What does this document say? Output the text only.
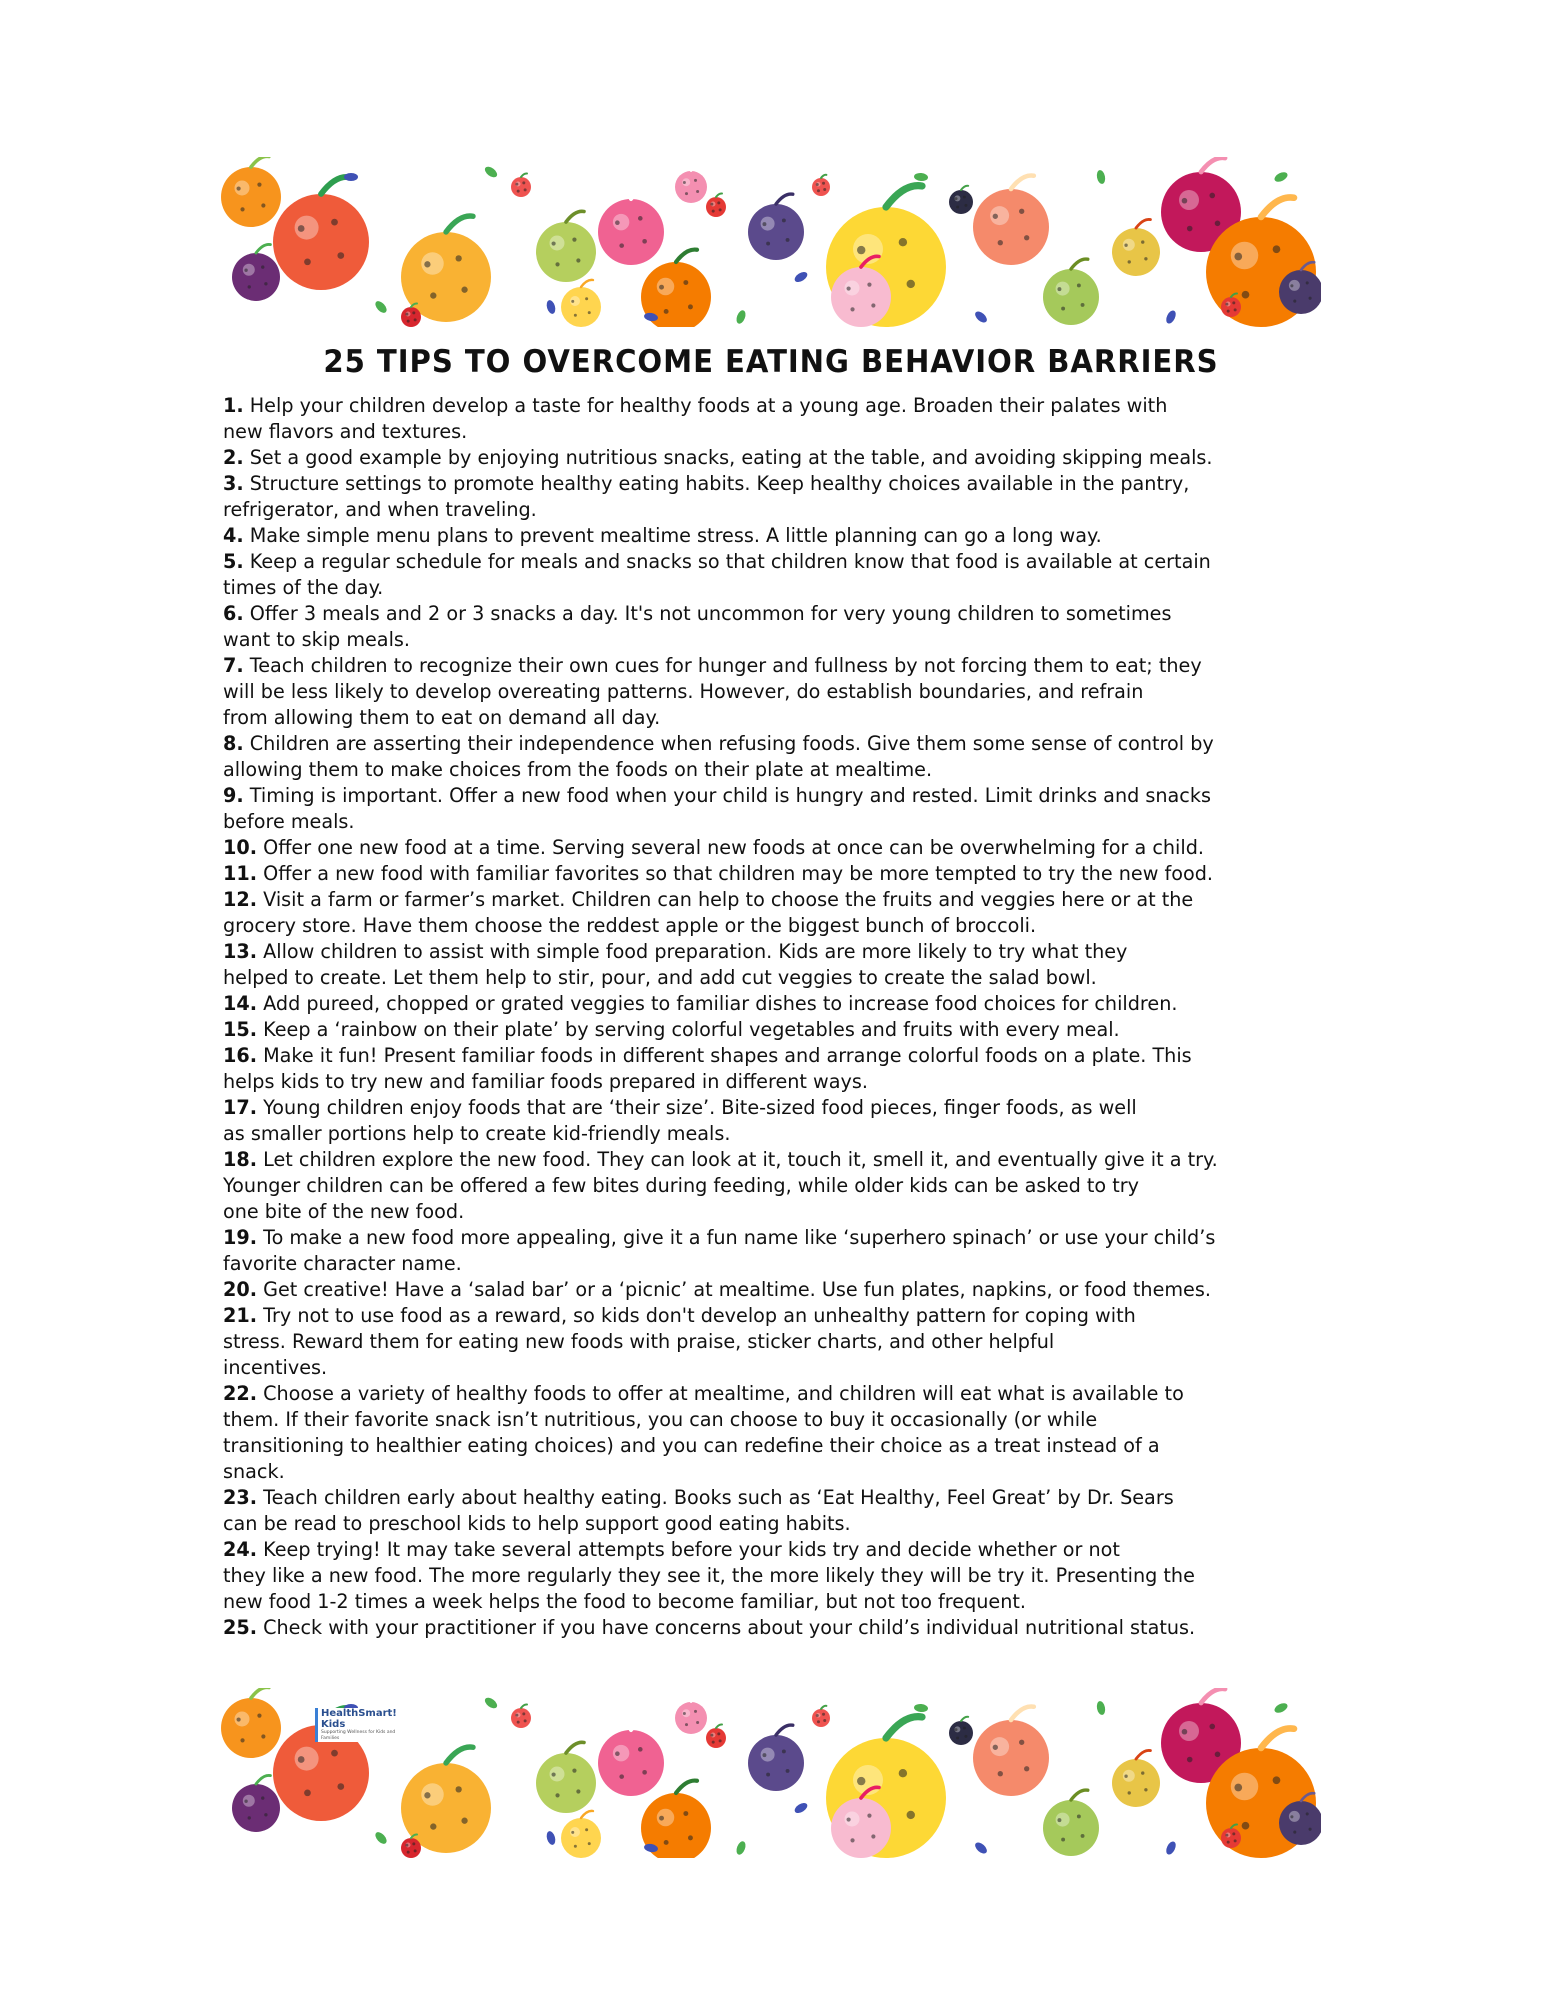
25 TIPS TO OVERCOME EATING BEHAVIOR BARRIERS
1. Help your children develop a taste for healthy foods at a young age. Broaden their palates with
new flavors and textures.
2. Set a good example by enjoying nutritious snacks, eating at the table, and avoiding skipping meals.
3. Structure settings to promote healthy eating habits. Keep healthy choices available in the pantry,
refrigerator, and when traveling.
4. Make simple menu plans to prevent mealtime stress. A little planning can go a long way.
5. Keep a regular schedule for meals and snacks so that children know that food is available at certain
times of the day.
6. Offer 3 meals and 2 or 3 snacks a day. It's not uncommon for very young children to sometimes
want to skip meals.
7. Teach children to recognize their own cues for hunger and fullness by not forcing them to eat; they
will be less likely to develop overeating patterns. However, do establish boundaries, and refrain
from allowing them to eat on demand all day.
8. Children are asserting their independence when refusing foods. Give them some sense of control by
allowing them to make choices from the foods on their plate at mealtime.
9. Timing is important. Offer a new food when your child is hungry and rested. Limit drinks and snacks
before meals.
10. Offer one new food at a time. Serving several new foods at once can be overwhelming for a child.
11. Offer a new food with familiar favorites so that children may be more tempted to try the new food.
12. Visit a farm or farmer’s market. Children can help to choose the fruits and veggies here or at the
grocery store. Have them choose the reddest apple or the biggest bunch of broccoli.
13. Allow children to assist with simple food preparation. Kids are more likely to try what they
helped to create. Let them help to stir, pour, and add cut veggies to create the salad bowl.
14. Add pureed, chopped or grated veggies to familiar dishes to increase food choices for children.
15. Keep a ‘rainbow on their plate’ by serving colorful vegetables and fruits with every meal.
16. Make it fun! Present familiar foods in different shapes and arrange colorful foods on a plate. This
helps kids to try new and familiar foods prepared in different ways.
17. Young children enjoy foods that are ‘their size’. Bite-sized food pieces, finger foods, as well
as smaller portions help to create kid-friendly meals.
18. Let children explore the new food. They can look at it, touch it, smell it, and eventually give it a try.
Younger children can be offered a few bites during feeding, while older kids can be asked to try
one bite of the new food.
19. To make a new food more appealing, give it a fun name like ‘superhero spinach’ or use your child’s
favorite character name.
20. Get creative! Have a ‘salad bar’ or a ‘picnic’ at mealtime. Use fun plates, napkins, or food themes.
21. Try not to use food as a reward, so kids don't develop an unhealthy pattern for coping with
stress. Reward them for eating new foods with praise, sticker charts, and other helpful
incentives.
22. Choose a variety of healthy foods to offer at mealtime, and children will eat what is available to
them. If their favorite snack isn’t nutritious, you can choose to buy it occasionally (or while
transitioning to healthier eating choices) and you can redefine their choice as a treat instead of a
snack.
23. Teach children early about healthy eating. Books such as ‘Eat Healthy, Feel Great’ by Dr. Sears
can be read to preschool kids to help support good eating habits.
24. Keep trying! It may take several attempts before your kids try and decide whether or not
they like a new food. The more regularly they see it, the more likely they will be try it. Presenting the
new food 1-2 times a week helps the food to become familiar, but not too frequent.
25. Check with your practitioner if you have concerns about your child’s individual nutritional status.
HealthSmart! Kids
Supporting Wellness for Kids and Families
